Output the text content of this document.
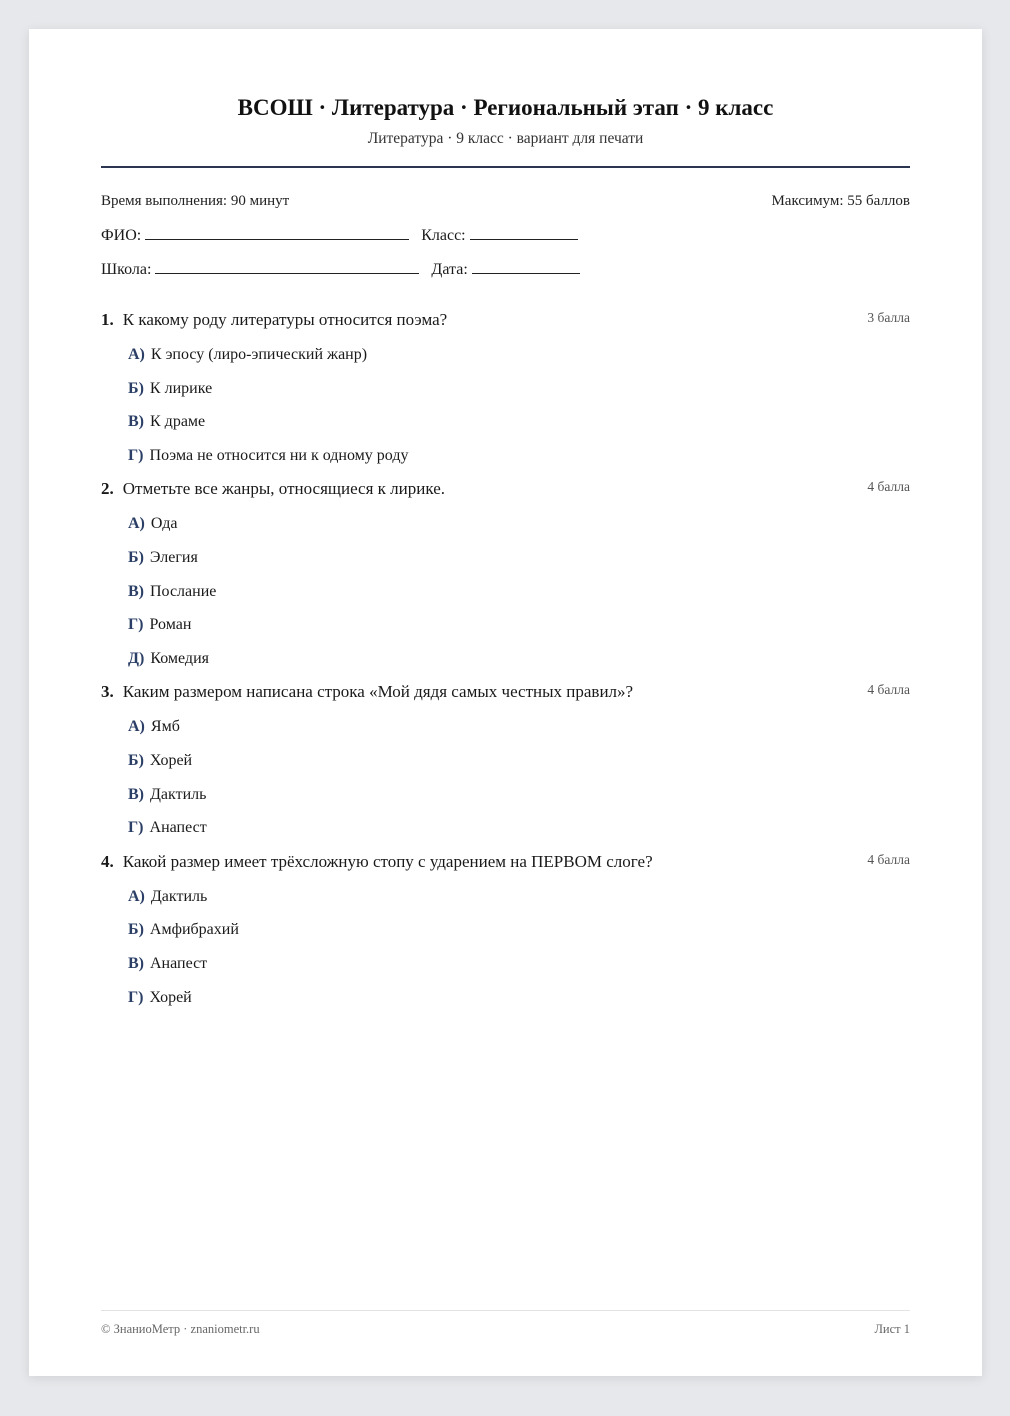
ВСОШ · Литература · Региональный этап · 9 класс
Литература · 9 класс · вариант для печати
Время выполнения: 90 минут	Максимум: 55 баллов
ФИО:	Класс:
Школа:	Дата:
1. К какому роду литературы относится поэма?	3 балла
А) К эпосу (лиро-эпический жанр)
Б) К лирике
В) К драме
Г) Поэма не относится ни к одному роду
2. Отметьте все жанры, относящиеся к лирике.	4 балла
А) Ода
Б) Элегия
В) Послание
Г) Роман
Д) Комедия
3. Каким размером написана строка «Мой дядя самых честных правил»?	4 балла
А) Ямб
Б) Хорей
В) Дактиль
Г) Анапест
4. Какой размер имеет трёхсложную стопу с ударением на ПЕРВОМ слоге?	4 балла
А) Дактиль
Б) Амфибрахий
В) Анапест
Г) Хорей
© ЗнаниоМетр · znaniometr.ru	Лист 1
